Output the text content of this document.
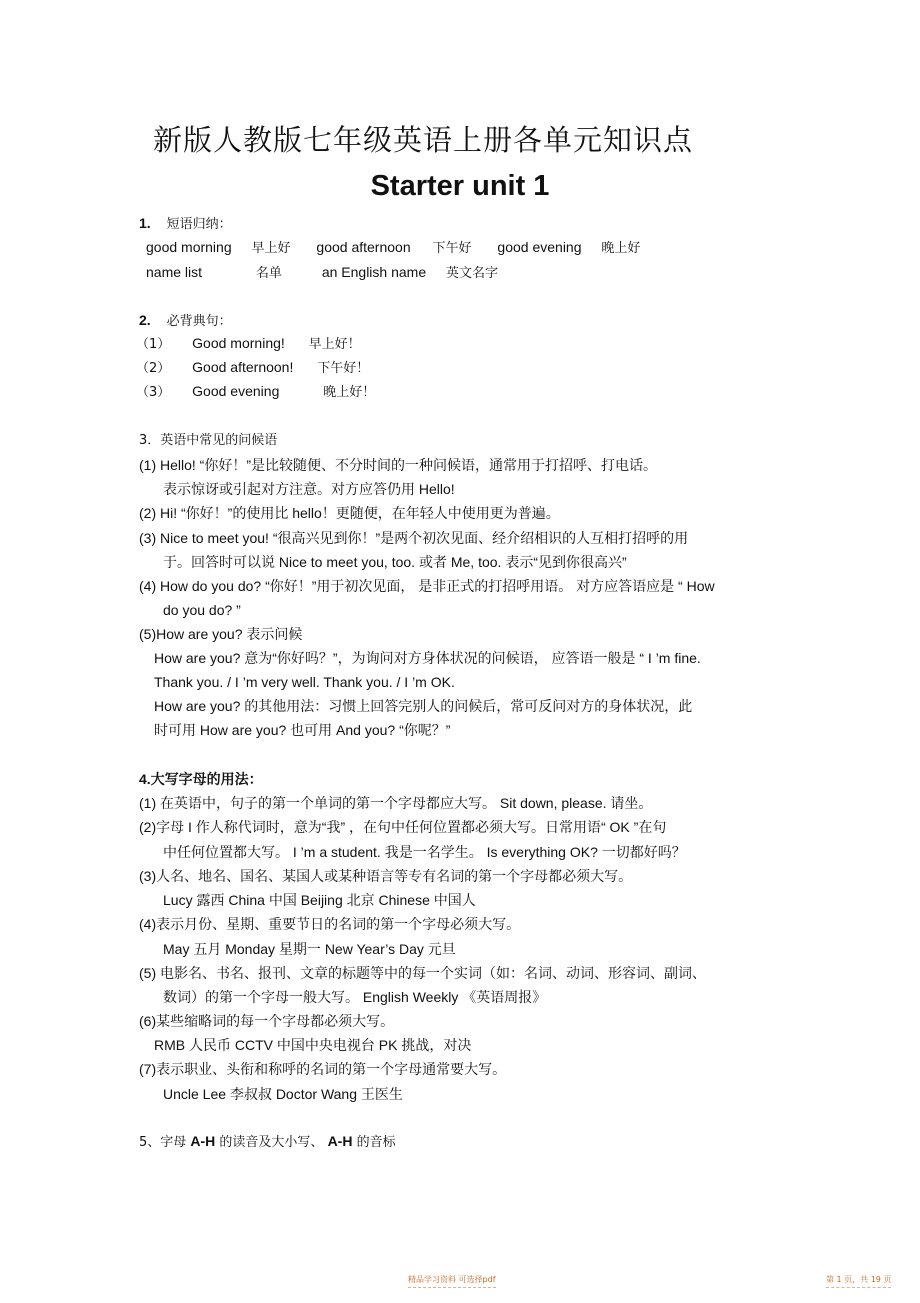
新版人教版七年级英语上册各单元知识点
Starter unit 1
1. 短语归纳：
good morning 早上好 good afternoon 下午好 good evening 晚上好
name list	名单	an English name 英文名字
2. 必背典句：
（1） Good morning! 早上好！
（2） Good afternoon! 下午好！
（3） Good evening	晚上好！
3．英语中常见的问候语
(1) Hello! “你好！”是比较随便、不分时间的一种问候语，通常用于打招呼、打电话。
表示惊讶或引起对方注意。对方应答仍用 Hello!
(2) Hi! “你好！”的使用比 hello！更随便，在年轻人中使用更为普遍。
(3) Nice to meet you! “很高兴见到你！”是两个初次见面、经介绍相识的人互相打招呼的用
于。回答时可以说 Nice to meet you, too. 或者 Me, too. 表示“见到你很高兴”
(4) How do you do? “你好！”用于初次见面， 是非正式的打招呼用语。 对方应答语应是 “ How
do you do? ”
(5)How are you? 表示问候
How are you? 意为“你好吗？”，为询问对方身体状况的问候语， 应答语一般是 “ I ’m fine.
Thank you. / I ’m very well. Thank you. / I ’m OK.
How are you? 的其他用法：习惯上回答完别人的问候后，常可反问对方的身体状况，此
时可用 How are you? 也可用 And you? “你呢？”
4.大写字母的用法：
(1) 在英语中，句子的第一个单词的第一个字母都应大写。 Sit down, please. 请坐。
(2)字母 I 作人称代词时，意为“我” ，在句中任何位置都必须大写。日常用语“ OK ”在句
中任何位置都大写。 I ’m a student. 我是一名学生。 Is everything OK? 一切都好吗？
(3)人名、地名、国名、某国人或某种语言等专有名词的第一个字母都必须大写。
Lucy 露西 China 中国 Beijing 北京 Chinese 中国人
(4)表示月份、星期、重要节日的名词的第一个字母必须大写。
May 五月 Monday 星期一 New Year’s Day 元旦
(5) 电影名、书名、报刊、文章的标题等中的每一个实词（如：名词、动词、形容词、副词、
数词）的第一个字母一般大写。 English Weekly 《英语周报》
(6)某些缩略词的每一个字母都必须大写。
RMB 人民币 CCTV 中国中央电视台 PK 挑战，对决
(7)表示职业、头衔和称呼的名词的第一个字母通常要大写。
Uncle Lee 李叔叔 Doctor Wang 王医生
5、字母 A-H 的读音及大小写、 A-H 的音标
精品学习资料 可选择pdf	第 1 页，共 19 页
